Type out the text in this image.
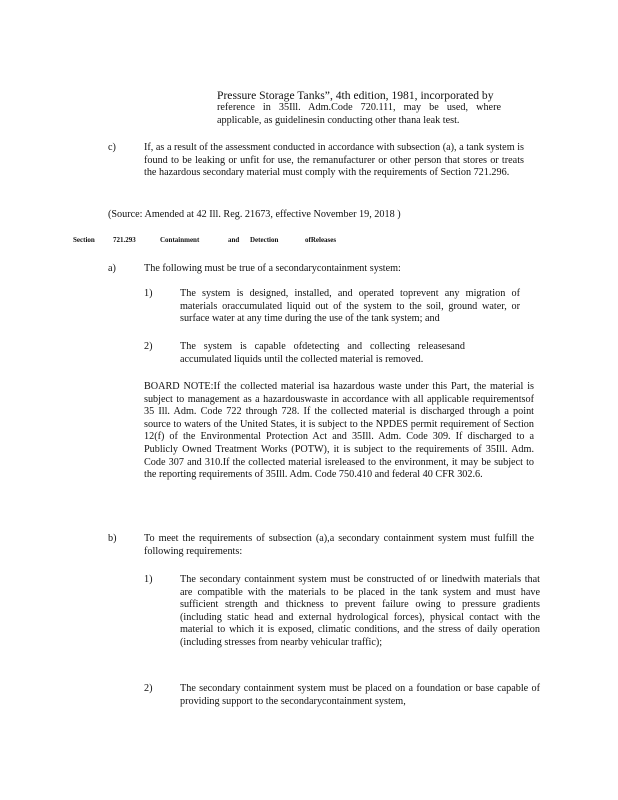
Pressure Storage Tanks”, 4th edition, 1981, incorporated by

reference in 35Ill. Adm.Code 720.111, may be used, where applicable, as guidelinesin conducting other thana leak test.

c)	If, as a result of the assessment conducted in accordance with subsection (a), a tank system is found to be leaking or unfit for use, the remanufacturer or other person that stores or treats the hazardous secondary material must comply with the requirements of Section 721.296.

(Source: Amended at 42 Ill. Reg. 21673, effective November 19, 2018 )

Section	721.293	Containment	and Detection	ofReleases

a)	The following must be true of a secondarycontainment system:

1)	The system is designed, installed, and operated toprevent any migration of materials oraccumulated liquid out of the system to the soil, ground water, or surface water at any time during the use of the tank system; and

2)	The system is capable ofdetecting and collecting releasesand accumulated liquids until the collected material is removed.

BOARD NOTE:If the collected material isa hazardous waste under this Part, the material is subject to management as a hazardouswaste in accordance with all applicable requirementsof 35 Ill. Adm. Code 722 through 728. If the collected material is discharged through a point source to waters of the United States, it is subject to the NPDES permit requirement of Section 12(f) of the Environmental Protection Act and 35Ill. Adm. Code 309. If discharged to a Publicly Owned Treatment Works (POTW), it is subject to the requirements of 35Ill. Adm. Code 307 and 310.If the collected material isreleased to the environment, it may be subject to the reporting requirements of 35Ill. Adm. Code 750.410 and federal 40 CFR 302.6.

b)	To meet the requirements of subsection (a),a secondary containment system must fulfill the following requirements:

1)	The secondary containment system must be constructed of or linedwith materials that are compatible with the materials to be placed in the tank system and must have sufficient strength and thickness to prevent failure owing to pressure gradients (including static head and external hydrological forces), physical contact with the material to which it is exposed, climatic conditions, and the stress of daily operation (including stresses from nearby vehicular traffic);

2)	The secondary containment system must be placed on a foundation or base capable of providing support to the secondarycontainment system,
